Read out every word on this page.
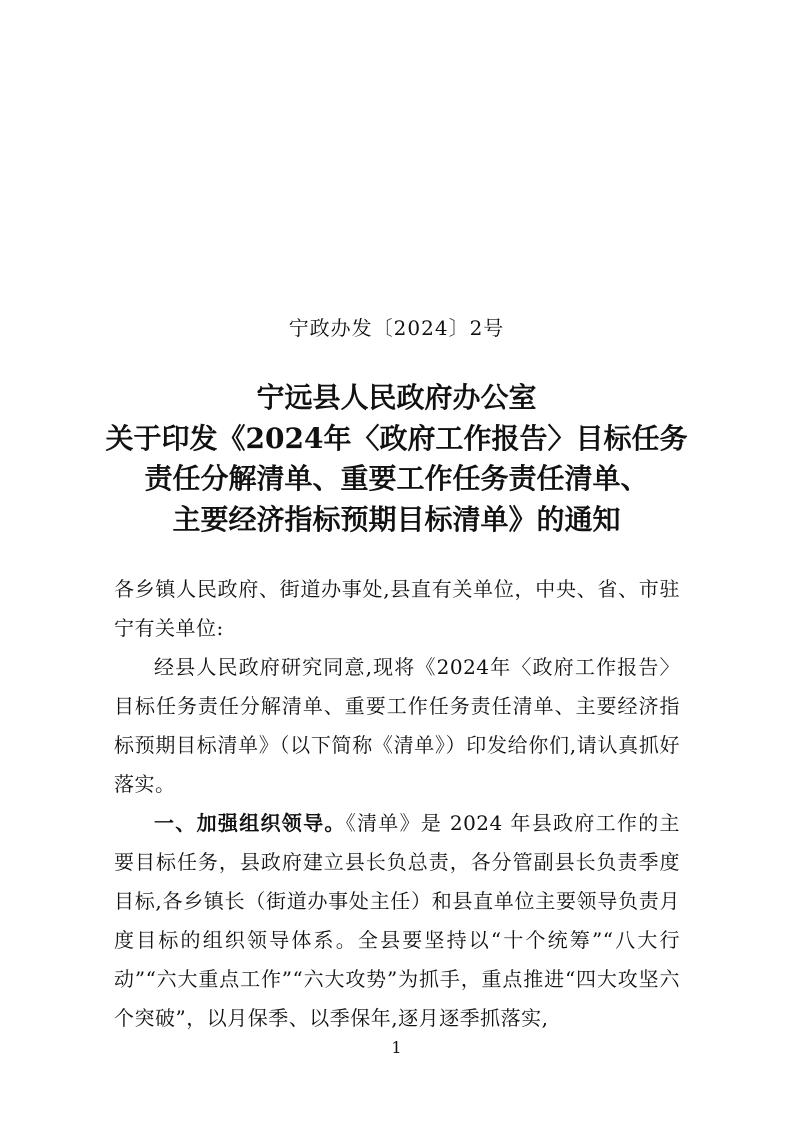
宁政办发〔2024〕2号
宁远县人民政府办公室
关于印发《2024年〈政府工作报告〉目标任务
责任分解清单、重要工作任务责任清单、
主要经济指标预期目标清单》的通知

各乡镇人民政府、街道办事处,县直有关单位，中央、省、市驻宁有关单位:

经县人民政府研究同意,现将《2024年〈政府工作报告〉目标任务责任分解清单、重要工作任务责任清单、主要经济指标预期目标清单》（以下简称《清单》）印发给你们,请认真抓好落实。

一、加强组织领导。《清单》是 2024 年县政府工作的主要目标任务，县政府建立县长负总责，各分管副县长负责季度目标,各乡镇长（街道办事处主任）和县直单位主要领导负责月度目标的组织领导体系。全县要坚持以“十个统筹”“八大行动”“六大重点工作”“六大攻势”为抓手，重点推进“四大攻坚六个突破”，以月保季、以季保年,逐月逐季抓落实,

1
